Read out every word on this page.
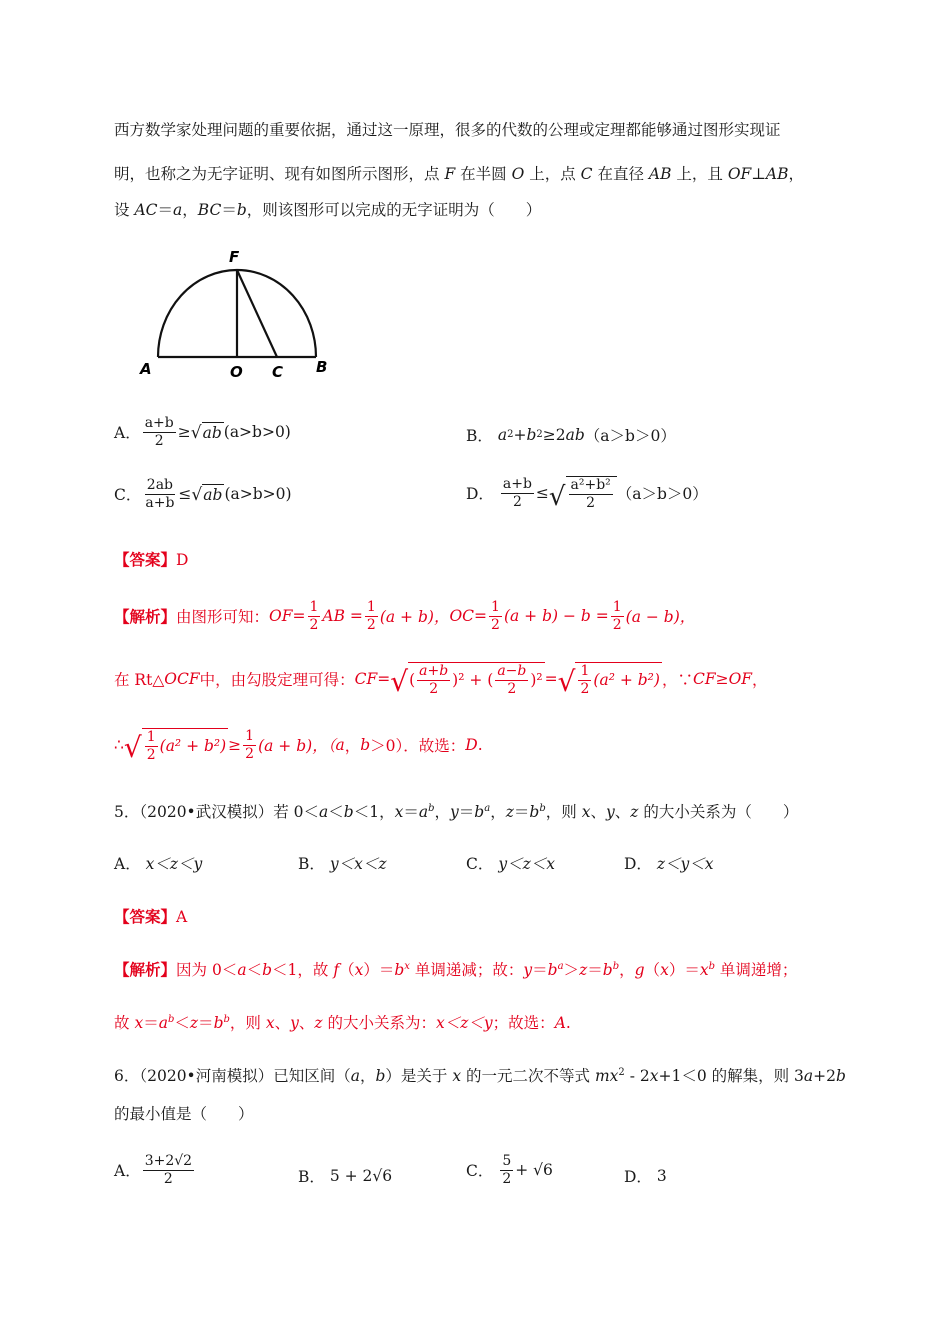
西方数学家处理问题的重要依据，通过这一原理，很多的代数的公理或定理都能够通过图形实现证
明，也称之为无字证明、现有如图所示图形，点 F 在半圆 O 上，点 C 在直径 AB 上，且 OF⊥AB，
设 AC＝a，BC＝b，则该图形可以完成的无字证明为（　　）
F
A	O C B
A． $\frac{a+b}{2}$ ≥ √ ab (a>b>0)	B．
a 2 + b 2 ≥2 ab （a＞b＞0）
C． $\frac{2ab}{a+b}$ ≤ √ ab (a>b>0)	D．
$\frac{a+b}{2}$ ≤ √ $\frac{\text{a²+b²}}{2} (a>b>0)$
【答案】D
【解析】 由图形可知： OF = $\frac{1}{2}$ AB = $\frac{1}{2} (a + b)$， OC = $\frac{1}{2} (a + b) - b = \frac{1}{2} (a - b)$，
在 Rt△ OCF 中，由勾股定理可得： CF = √ ( $\frac{a+b}{2} )^2$ + ( $\frac{a-b}{2} )^2$ = √ $\frac{1}{2} (a^2 + b^2)$ ，∵ CF ≥ OF ，
∴ √ $\frac{1}{2} (a^2 + b^2) \ge \frac{1}{2} (a + b)$，（ a ， b ＞0）．故选： D .
5．（2020•武汉模拟）若 0＜a＜b＜1，$x=a^b$，$y=b^a$，$z=b^b$，则 x、y、z 的大小关系为（　　）
A．
x＜z＜y	B．
y＜x＜z	C．
y＜z＜x	D．
z＜y＜x
【答案】A
【解析】因为 0＜a＜b＜1，故 $f(x)=b^x$ 单调递减；故：$y=b^a>z=b^b$，$g(x)=x^b$ 单调递增；
故 $x=a^b<z=b^b$，则 x、y、z 的大小关系为：x＜z＜y；故选：A.
6．（2020•河南模拟）已知区间（a，b）是关于 x 的一元二次不等式 $mx^2$ ‐ 2x+1＜0 的解集，则 3a+2b
的最小值是（　　）
A． $\frac{3+2√2}{2}$	B．
5 + 2√6	C．
$\frac{5}{2} + √6$	D．
3
